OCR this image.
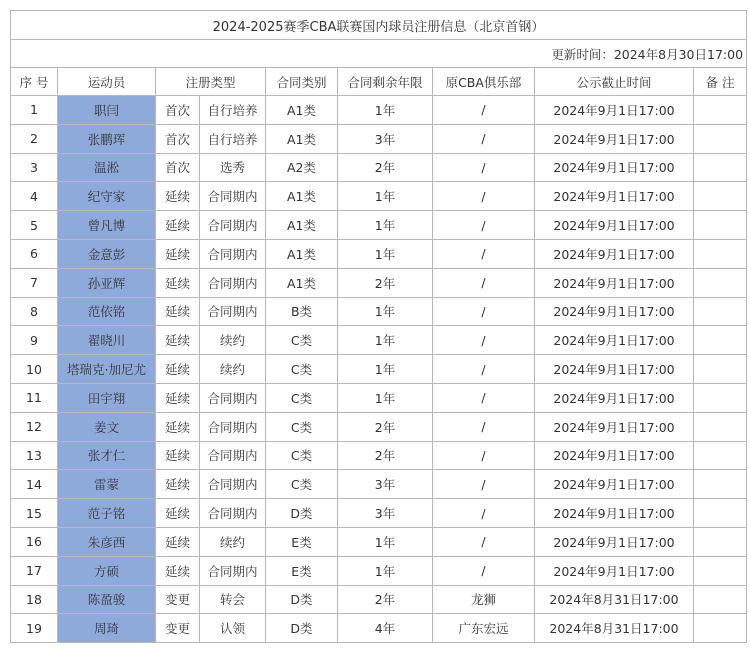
2024-2025赛季CBA联赛国内球员注册信息（北京首钢）								
更新时间：2024年8月30日17:00								
序 号	运动员	注册类型		合同类别	合同剩余年限	原CBA俱乐部	公示截止时间	备 注
1	职闫	首次	自行培养	A1类	1年	/	2024年9月1日17:00	
2	张鹏珲	首次	自行培养	A1类	3年	/	2024年9月1日17:00	
3	温淞	首次	选秀	A2类	2年	/	2024年9月1日17:00	
4	纪守家	延续	合同期内	A1类	1年	/	2024年9月1日17:00	
5	曾凡博	延续	合同期内	A1类	1年	/	2024年9月1日17:00	
6	金意彭	延续	合同期内	A1类	1年	/	2024年9月1日17:00	
7	孙亚辉	延续	合同期内	A1类	2年	/	2024年9月1日17:00	
8	范依铭	延续	合同期内	B类	1年	/	2024年9月1日17:00	
9	翟晓川	延续	续约	C类	1年	/	2024年9月1日17:00	
10	塔瑞克·加尼尤	延续	续约	C类	1年	/	2024年9月1日17:00	
11	田宇翔	延续	合同期内	C类	1年	/	2024年9月1日17:00	
12	姜文	延续	合同期内	C类	2年	/	2024年9月1日17:00	
13	张才仁	延续	合同期内	C类	2年	/	2024年9月1日17:00	
14	雷蒙	延续	合同期内	C类	3年	/	2024年9月1日17:00	
15	范子铭	延续	合同期内	D类	3年	/	2024年9月1日17:00	
16	朱彦西	延续	续约	E类	1年	/	2024年9月1日17:00	
17	方硕	延续	合同期内	E类	1年	/	2024年9月1日17:00	
18	陈盈骏	变更	转会	D类	2年	龙狮	2024年8月31日17:00	
19	周琦	变更	认领	D类	4年	广东宏远	2024年8月31日17:00	
